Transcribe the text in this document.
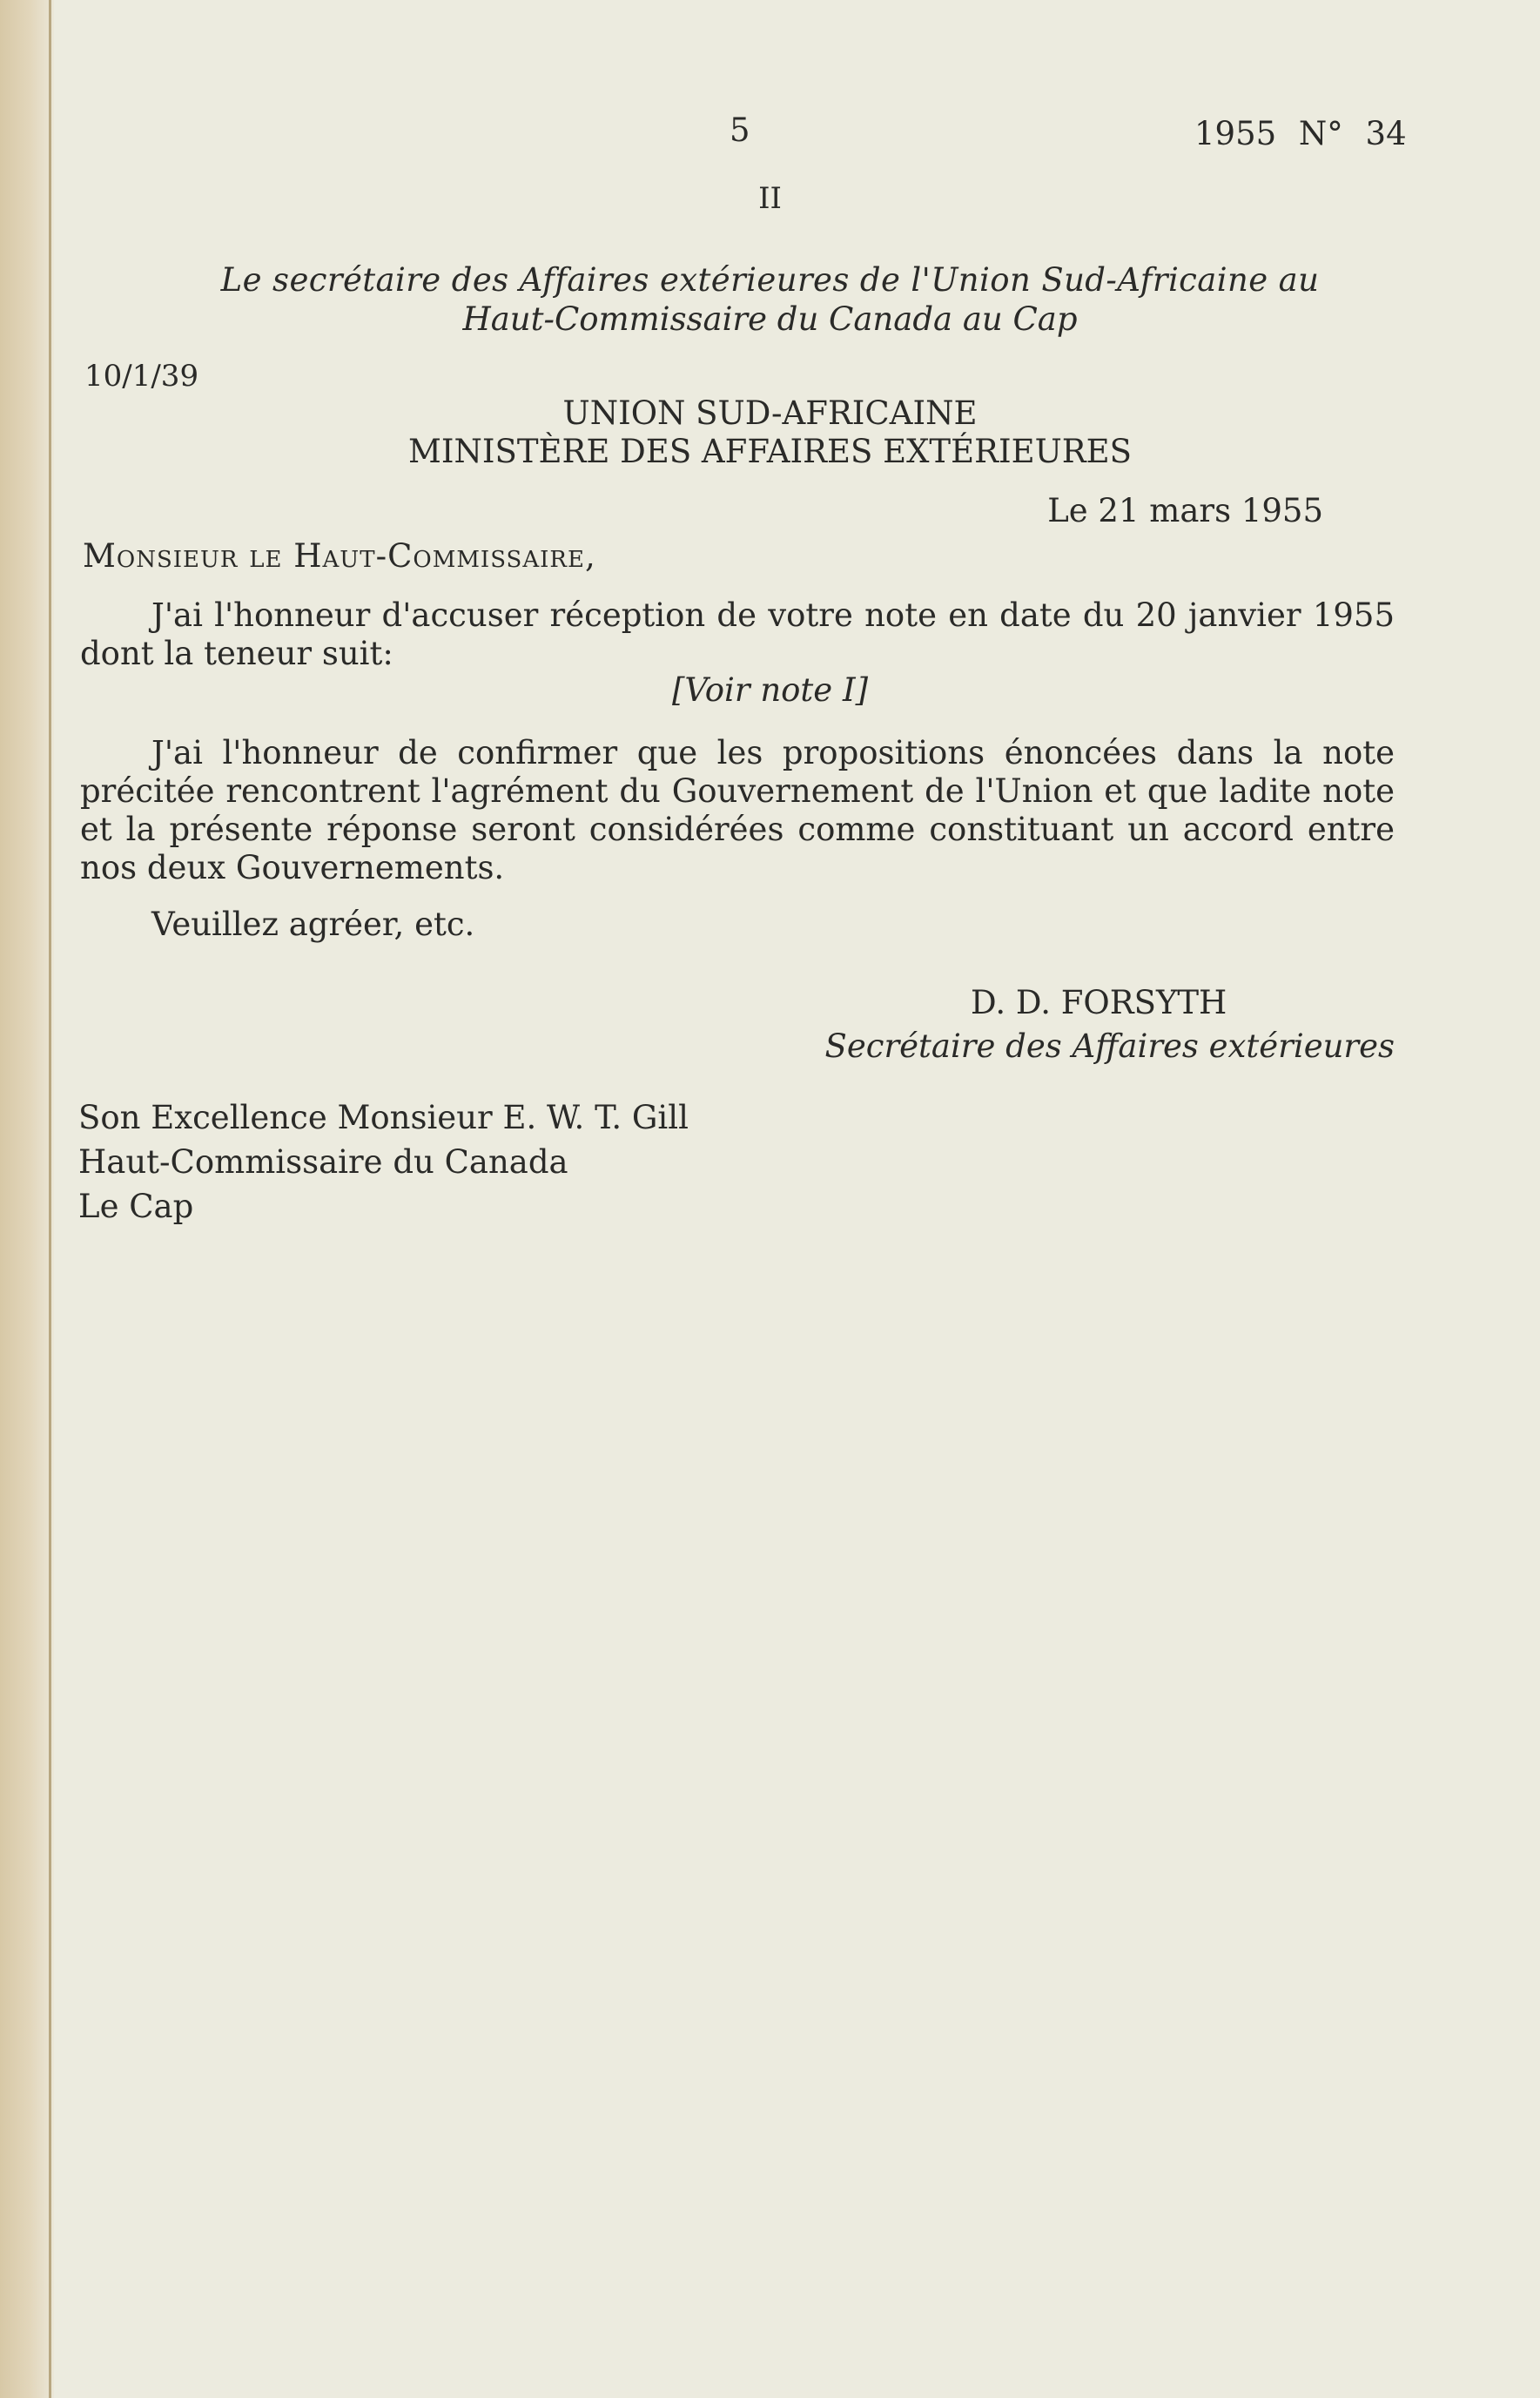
5	1955 N° 34
II
Le secrétaire des Affaires extérieures de l'Union Sud-Africaine au
Haut-Commissaire du Canada au Cap
10/1/39
UNION SUD-AFRICAINE
MINISTÈRE DES AFFAIRES EXTÉRIEURES
Le 21 mars 1955
Monsieur le Haut-Commissaire,

J'ai l'honneur d'accuser réception de votre note en date du 20 janvier 1955 dont la teneur suit:

[Voir note I]

J'ai l'honneur de confirmer que les propositions énoncées dans la note précitée rencontrent l'agrément du Gouvernement de l'Union et que ladite note et la présente réponse seront considérées comme constituant un accord entre nos deux Gouvernements.

Veuillez agréer, etc.
D. D. FORSYTH
Secrétaire des Affaires extérieures
Son Excellence Monsieur E. W. T. Gill
Haut-Commissaire du Canada
Le Cap
